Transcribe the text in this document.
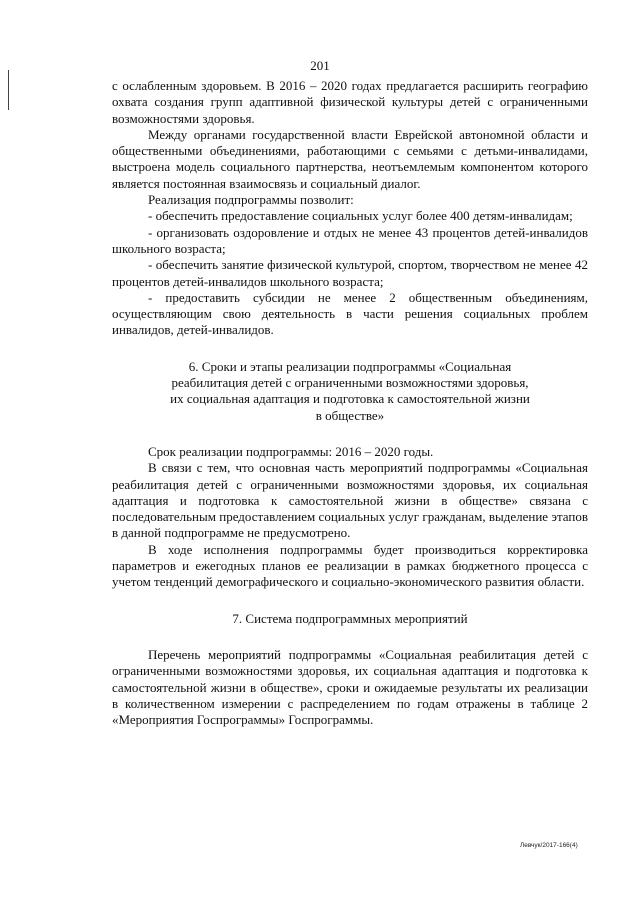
201

с ослабленным здоровьем. В 2016 – 2020 годах предлагается расширить географию охвата создания групп адаптивной физической культуры детей с ограниченными возможностями здоровья.

Между органами государственной власти Еврейской автономной области и общественными объединениями, работающими с семьями с детьми-инвалидами, выстроена модель социального партнерства, неотъемлемым компонентом которого является постоянная взаимосвязь и социальный диалог.

Реализация подпрограммы позволит:

- обеспечить предоставление социальных услуг более 400 детям-инвалидам;

- организовать оздоровление и отдых не менее 43 процентов детей-инвалидов школьного возраста;

- обеспечить занятие физической культурой, спортом, творчеством не менее 42 процентов детей-инвалидов школьного возраста;

- предоставить субсидии не менее 2 общественным объединениям, осуществляющим свою деятельность в части решения социальных проблем инвалидов, детей-инвалидов.

6. Сроки и этапы реализации подпрограммы «Социальная
реабилитация детей с ограниченными возможностями здоровья,
их социальная адаптация и подготовка к самостоятельной жизни
в обществе»

Срок реализации подпрограммы: 2016 – 2020 годы.

В связи с тем, что основная часть мероприятий подпрограммы «Социальная реабилитация детей с ограниченными возможностями здоровья, их социальная адаптация и подготовка к самостоятельной жизни в обществе» связана с последовательным предоставлением социальных услуг гражданам, выделение этапов в данной подпрограмме не предусмотрено.

В ходе исполнения подпрограммы будет производиться корректировка параметров и ежегодных планов ее реализации в рамках бюджетного процесса с учетом тенденций демографического и социально-экономического развития области.

7. Система подпрограммных мероприятий

Перечень мероприятий подпрограммы «Социальная реабилитация детей с ограниченными возможностями здоровья, их социальная адаптация и подготовка к самостоятельной жизни в обществе», сроки и ожидаемые результаты их реализации в количественном измерении с распределением по годам отражены в таблице 2 «Мероприятия Госпрограммы» Госпрограммы.

Левчук/2017-166(4)
